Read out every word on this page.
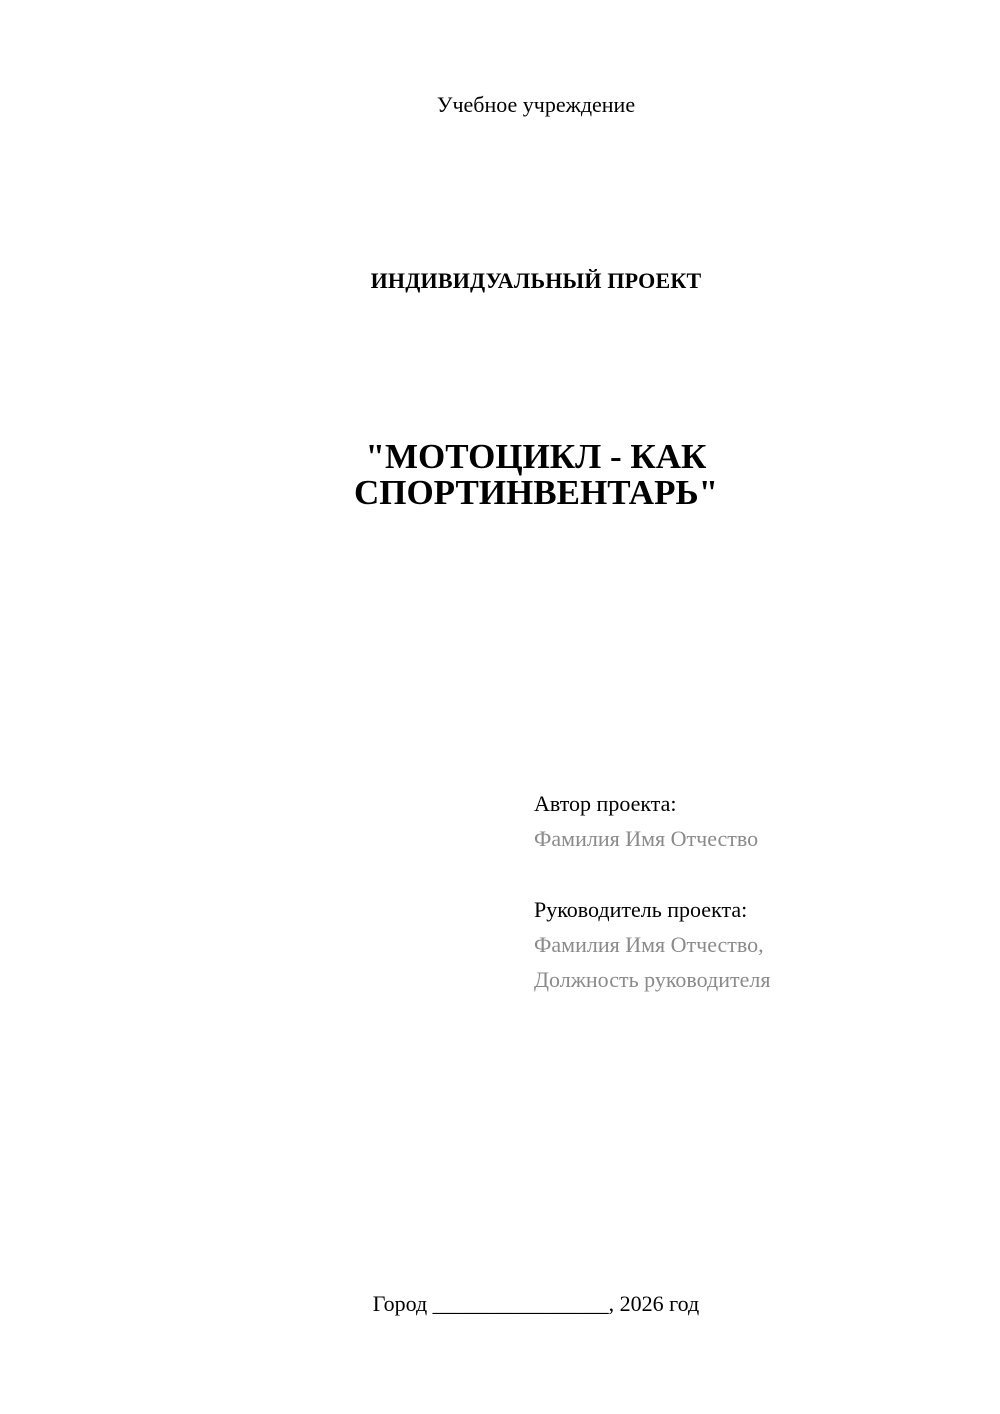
Учебное учреждение
ИНДИВИДУАЛЬНЫЙ ПРОЕКТ
"МОТОЦИКЛ - КАК
СПОРТИНВЕНТАРЬ"
Автор проекта:
Фамилия Имя Отчество
Руководитель проекта:
Фамилия Имя Отчество,
Должность руководителя
Город ________________, 2026 год
